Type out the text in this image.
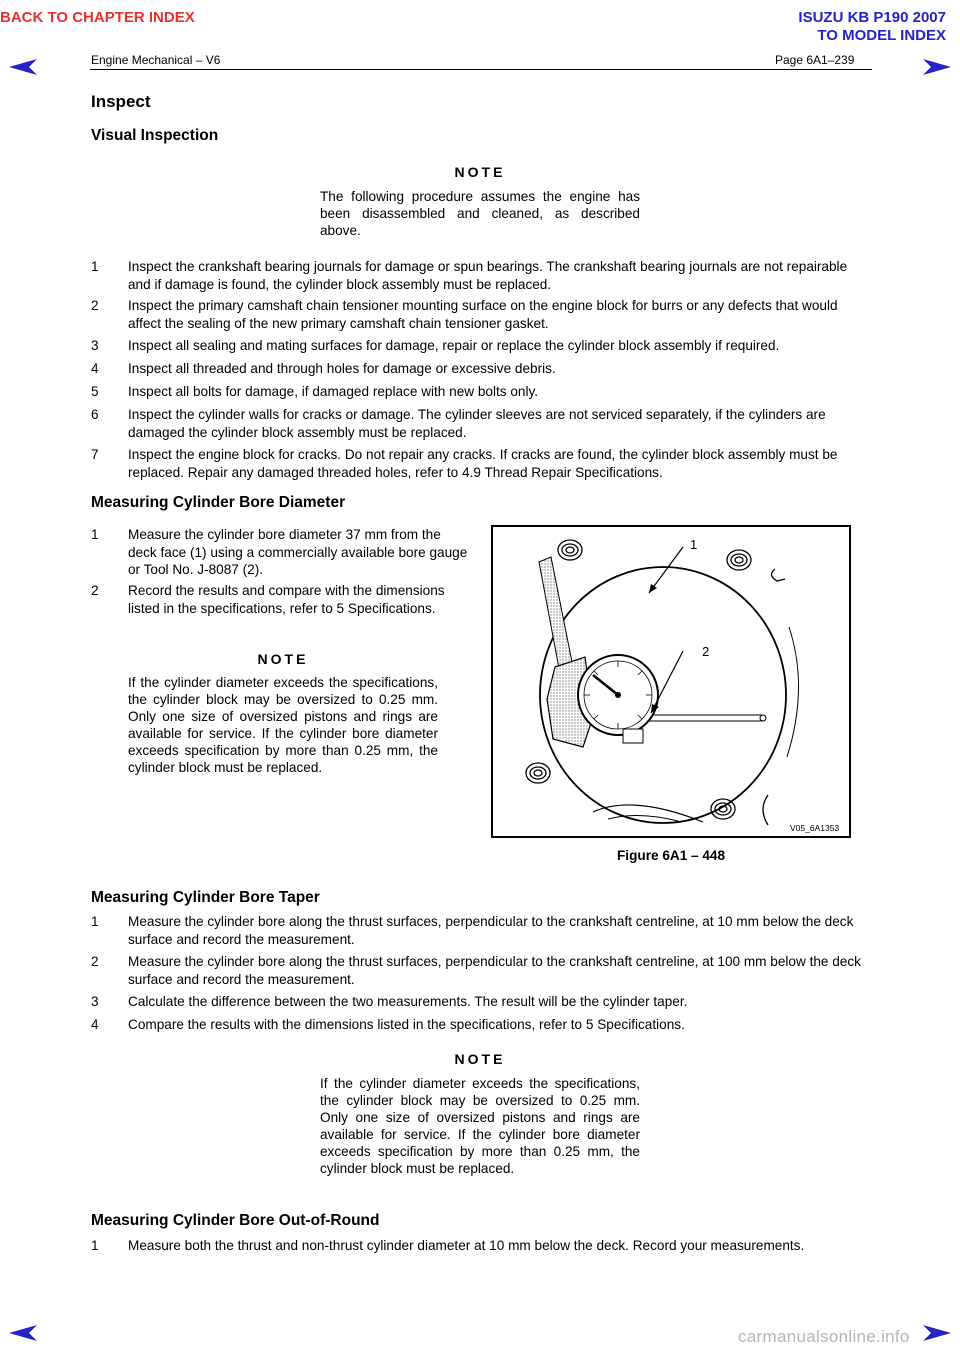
BACK TO CHAPTER INDEX	ISUZU KB P190 2007
TO MODEL INDEX
Engine Mechanical – V6	Page 6A1–239
Inspect
Visual Inspection
NOTE
The following procedure assumes the engine has been disassembled and cleaned, as described above.
1 Inspect the crankshaft bearing journals for damage or spun bearings. The crankshaft bearing journals are not repairable and if damage is found, the cylinder block assembly must be replaced.
2 Inspect the primary camshaft chain tensioner mounting surface on the engine block for burrs or any defects that would affect the sealing of the new primary camshaft chain tensioner gasket.
3 Inspect all sealing and mating surfaces for damage, repair or replace the cylinder block assembly if required.
4 Inspect all threaded and through holes for damage or excessive debris.
5 Inspect all bolts for damage, if damaged replace with new bolts only.
6 Inspect the cylinder walls for cracks or damage. The cylinder sleeves are not serviced separately, if the cylinders are damaged the cylinder block assembly must be replaced.
7 Inspect the engine block for cracks. Do not repair any cracks. If cracks are found, the cylinder block assembly must be replaced. Repair any damaged threaded holes, refer to 4.9 Thread Repair Specifications.
Measuring Cylinder Bore Diameter
1 Measure the cylinder bore diameter 37 mm from the deck face (1) using a commercially available bore gauge or Tool No. J-8087 (2).
2 Record the results and compare with the dimensions listed in the specifications, refer to 5 Specifications.
NOTE
If the cylinder diameter exceeds the specifications, the cylinder block may be oversized to 0.25 mm. Only one size of oversized pistons and rings are available for service. If the cylinder bore diameter exceeds specification by more than 0.25 mm, the cylinder block must be replaced.
1
2
V05_6A1353
Figure 6A1 – 448
Measuring Cylinder Bore Taper
1 Measure the cylinder bore along the thrust surfaces, perpendicular to the crankshaft centreline, at 10 mm below the deck surface and record the measurement.
2 Measure the cylinder bore along the thrust surfaces, perpendicular to the crankshaft centreline, at 100 mm below the deck surface and record the measurement.
3 Calculate the difference between the two measurements. The result will be the cylinder taper.
4 Compare the results with the dimensions listed in the specifications, refer to 5 Specifications.
NOTE
If the cylinder diameter exceeds the specifications, the cylinder block may be oversized to 0.25 mm. Only one size of oversized pistons and rings are available for service. If the cylinder bore diameter exceeds specification by more than 0.25 mm, the cylinder block must be replaced.
Measuring Cylinder Bore Out-of-Round
1 Measure both the thrust and non-thrust cylinder diameter at 10 mm below the deck. Record your measurements.
carmanualsonline.info
